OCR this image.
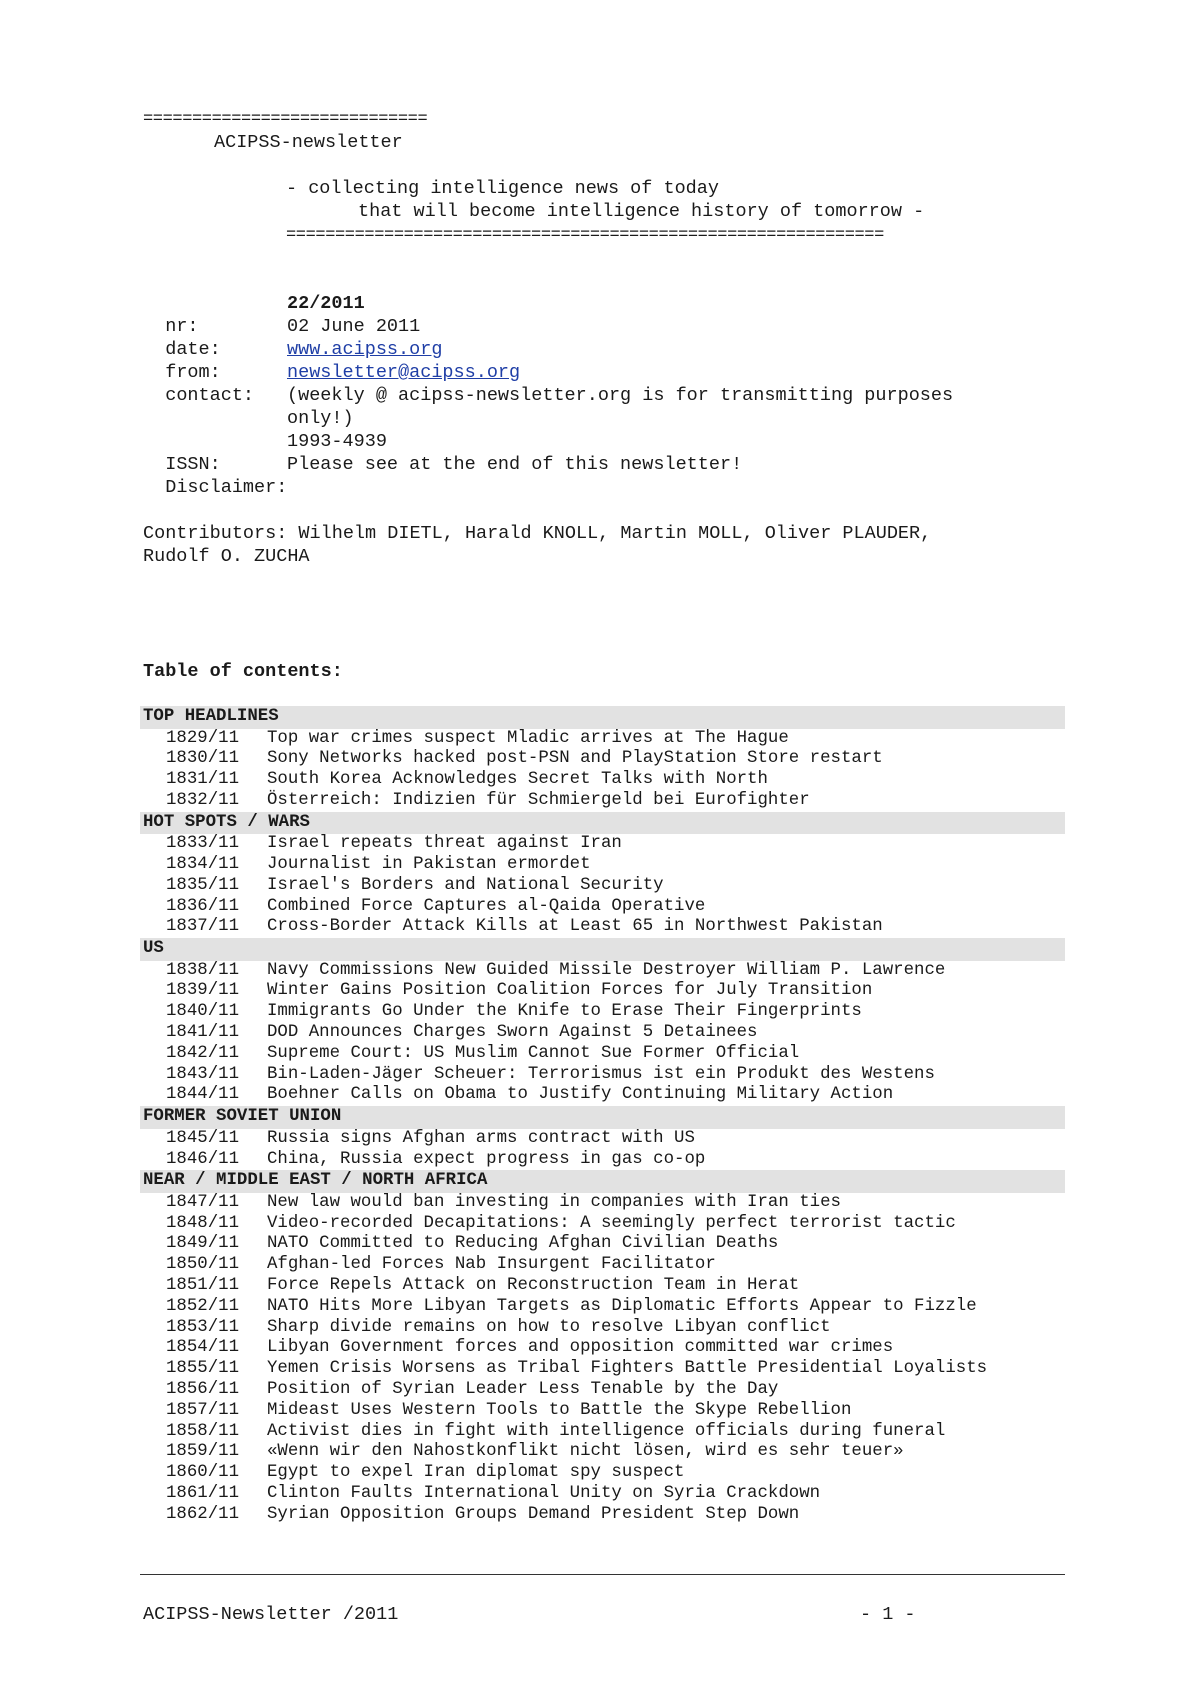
=============================
ACIPSS-newsletter
- collecting intelligence news of today
that will become intelligence history of tomorrow -
=============================================================

nr:
22/2011

date:
02 June 2011

from:
www.acipss.org

contact:
newsletter@acipss.org

(weekly @ acipss-newsletter.org is for transmitting purposes

only!)

ISSN:
1993-4939

Disclaimer:
Please see at the end of this newsletter!

Contributors: Wilhelm DIETL, Harald KNOLL, Martin MOLL, Oliver PLAUDER,
Rudolf O. ZUCHA
Table of contents:
TOP HEADLINES
1829/11 Top war crimes suspect Mladic arrives at The Hague
1830/11 Sony Networks hacked post-PSN and PlayStation Store restart
1831/11 South Korea Acknowledges Secret Talks with North
1832/11 Österreich: Indizien für Schmiergeld bei Eurofighter
HOT SPOTS / WARS
1833/11 Israel repeats threat against Iran
1834/11 Journalist in Pakistan ermordet
1835/11 Israel's Borders and National Security
1836/11 Combined Force Captures al-Qaida Operative
1837/11 Cross-Border Attack Kills at Least 65 in Northwest Pakistan
US
1838/11 Navy Commissions New Guided Missile Destroyer William P. Lawrence
1839/11 Winter Gains Position Coalition Forces for July Transition
1840/11 Immigrants Go Under the Knife to Erase Their Fingerprints
1841/11 DOD Announces Charges Sworn Against 5 Detainees
1842/11 Supreme Court: US Muslim Cannot Sue Former Official
1843/11 Bin-Laden-Jäger Scheuer: Terrorismus ist ein Produkt des Westens
1844/11 Boehner Calls on Obama to Justify Continuing Military Action
FORMER SOVIET UNION
1845/11 Russia signs Afghan arms contract with US
1846/11 China, Russia expect progress in gas co-op
NEAR / MIDDLE EAST / NORTH AFRICA
1847/11 New law would ban investing in companies with Iran ties
1848/11 Video-recorded Decapitations: A seemingly perfect terrorist tactic
1849/11 NATO Committed to Reducing Afghan Civilian Deaths
1850/11 Afghan-led Forces Nab Insurgent Facilitator
1851/11 Force Repels Attack on Reconstruction Team in Herat
1852/11 NATO Hits More Libyan Targets as Diplomatic Efforts Appear to Fizzle
1853/11 Sharp divide remains on how to resolve Libyan conflict
1854/11 Libyan Government forces and opposition committed war crimes
1855/11 Yemen Crisis Worsens as Tribal Fighters Battle Presidential Loyalists
1856/11 Position of Syrian Leader Less Tenable by the Day
1857/11 Mideast Uses Western Tools to Battle the Skype Rebellion
1858/11 Activist dies in fight with intelligence officials during funeral
1859/11 «Wenn wir den Nahostkonflikt nicht lösen, wird es sehr teuer»
1860/11 Egypt to expel Iran diplomat spy suspect
1861/11 Clinton Faults International Unity on Syria Crackdown
1862/11 Syrian Opposition Groups Demand President Step Down
ACIPSS-Newsletter /2011	- 1 -
